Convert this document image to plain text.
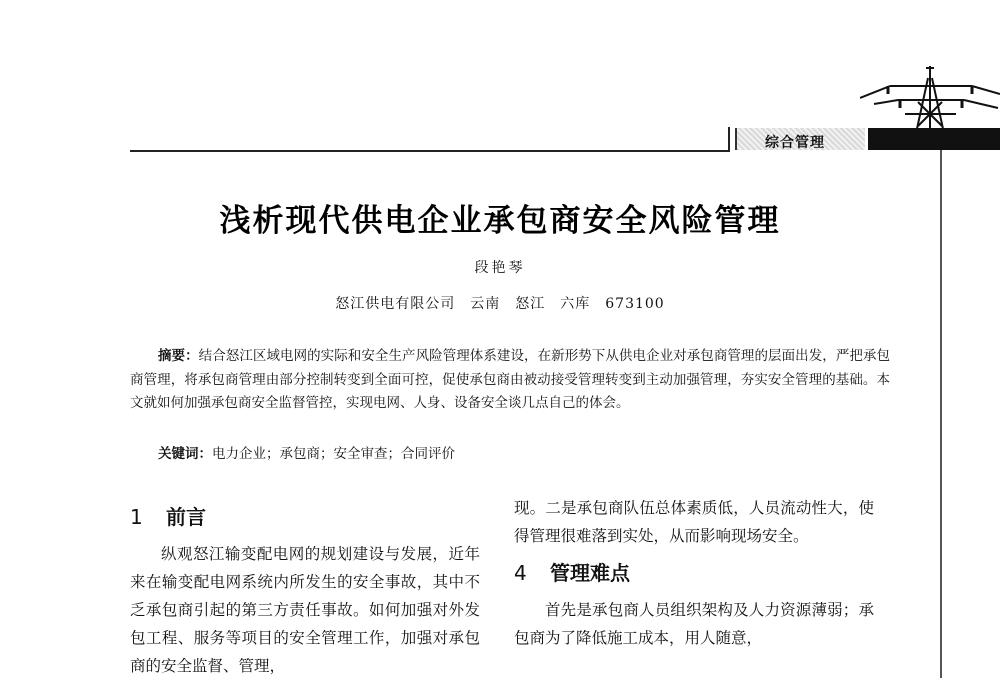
综合管理
浅析现代供电企业承包商安全风险管理
段艳琴
怒江供电有限公司　云南　怒江　六库　673100
摘要：结合怒江区域电网的实际和安全生产风险管理体系建设，在新形势下从供电企业对承包商管理的层面出发，严把承包商管理，将承包商管理由部分控制转变到全面可控，促使承包商由被动接受管理转变到主动加强管理，夯实安全管理的基础。本文就如何加强承包商安全监督管控，实现电网、人身、设备安全谈几点自己的体会。
关键词：电力企业；承包商；安全审查；合同评价
1 前言

纵观怒江输变配电网的规划建设与发展，近年来在输变配电网系统内所发生的安全事故，其中不乏承包商引起的第三方责任事故。如何加强对外发包工程、服务等项目的安全管理工作，加强对承包商的安全监督、管理，

现。二是承包商队伍总体素质低，人员流动性大，使得管理很难落到实处，从而影响现场安全。

4 管理难点

首先是承包商人员组织架构及人力资源薄弱；承包商为了降低施工成本，用人随意，
